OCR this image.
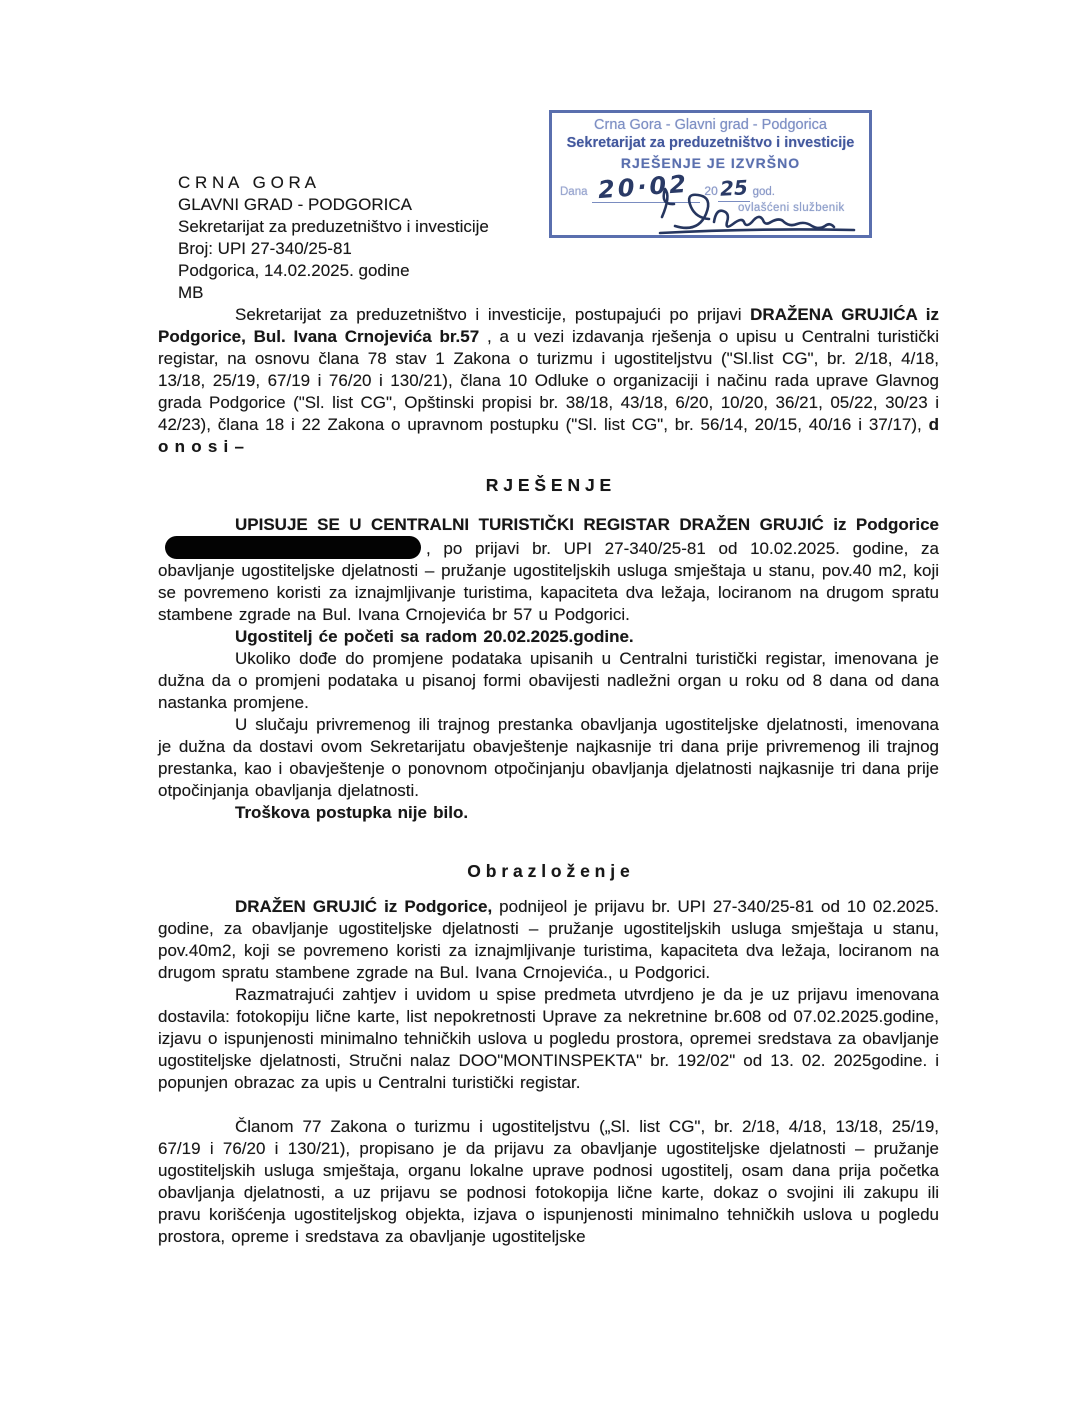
Crna Gora - Glavni grad - Podgorica
Sekretarijat za preduzetništvo i investicije
RJEŠENJE JE IZVRŠNO
Dana 20·02	20 25 god.
ovlašćeni službenik
C R N A   G O R A
GLAVNI GRAD - PODGORICA
Sekretarijat za preduzetništvo i investicije
Broj: UPI 27-340/25-81
Podgorica, 14.02.2025. godine
MB

Sekretarijat za preduzetništvo i investicije, postupajući po prijavi DRAŽENA GRUJIĆA iz Podgorice, Bul. Ivana Crnojevića br.57 , a u vezi izdavanja rješenja o upisu u Centralni turistički registar, na osnovu člana 78 stav 1 Zakona o turizmu i ugostiteljstvu ("Sl.list CG", br. 2/18, 4/18, 13/18, 25/19, 67/19 i 76/20 i 130/21), člana 10 Odluke o organizaciji i načinu rada uprave Glavnog grada Podgorice ("Sl. list CG", Opštinski propisi br. 38/18, 43/18, 6/20, 10/20, 36/21, 05/22, 30/23 i 42/23), člana 18 i 22 Zakona o upravnom postupku ("Sl. list CG", br. 56/14, 20/15, 40/16 i 37/17), d o n o s i –

R J E Š E N J E

UPISUJE SE U CENTRALNI TURISTIČKI REGISTAR DRAŽEN GRUJIĆ iz Podgorice, po prijavi br. UPI 27-340/25-81 od 10.02.2025. godine, za obavljanje ugostiteljske djelatnosti – pružanje ugostiteljskih usluga smještaja u stanu, pov.40 m2, koji se povremeno koristi za iznajmljivanje turistima, kapaciteta dva ležaja, lociranom na drugom spratu stambene zgrade na Bul. Ivana Crnojevića br 57 u Podgorici.

Ugostitelj će početi sa radom 20.02.2025.godine.

Ukoliko dođe do promjene podataka upisanih u Centralni turistički registar, imenovana je dužna da o promjeni podataka u pisanoj formi obavijesti nadležni organ u roku od 8 dana od dana nastanka promjene.

U slučaju privremenog ili trajnog prestanka obavljanja ugostiteljske djelatnosti, imenovana je dužna da dostavi ovom Sekretarijatu obavještenje najkasnije tri dana prije privremenog ili trajnog prestanka, kao i obavještenje o ponovnom otpočinjanju obavljanja djelatnosti najkasnije tri dana prije otpočinjanja obavljanja djelatnosti.

Troškova postupka nije bilo.

O b r a z l o ž e n j e

DRAŽEN GRUJIĆ iz Podgorice, podnijeol je prijavu br. UPI 27-340/25-81 od 10 02.2025. godine, za obavljanje ugostiteljske djelatnosti – pružanje ugostiteljskih usluga smještaja u stanu, pov.40m2, koji se povremeno koristi za iznajmljivanje turistima, kapaciteta dva ležaja, lociranom na drugom spratu stambene zgrade na Bul. Ivana Crnojevića., u Podgorici.

Razmatrajući zahtjev i uvidom u spise predmeta utvrdjeno je da je uz prijavu imenovana dostavila: fotokopiju lične karte, list nepokretnosti Uprave za nekretnine br.608 od 07.02.2025.godine, izjavu o ispunjenosti minimalno tehničkih uslova u pogledu prostora, opremei sredstava za obavljanje ugostiteljske djelatnosti, Stručni nalaz DOO"MONTINSPEKTA" br. 192/02" od 13. 02. 2025godine. i popunjen obrazac za upis u Centralni turistički registar.

Članom 77 Zakona o turizmu i ugostiteljstvu („Sl. list CG", br. 2/18, 4/18, 13/18, 25/19, 67/19 i 76/20 i 130/21), propisano je da prijavu za obavljanje ugostiteljske djelatnosti – pružanje ugostiteljskih usluga smještaja, organu lokalne uprave podnosi ugostitelj, osam dana prija početka obavljanja djelatnosti, a uz prijavu se podnosi fotokopija lične karte, dokaz o svojini ili zakupu ili pravu korišćenja ugostiteljskog objekta, izjava o ispunjenosti minimalno tehničkih uslova u pogledu prostora, opreme i sredstava za obavljanje ugostiteljske
